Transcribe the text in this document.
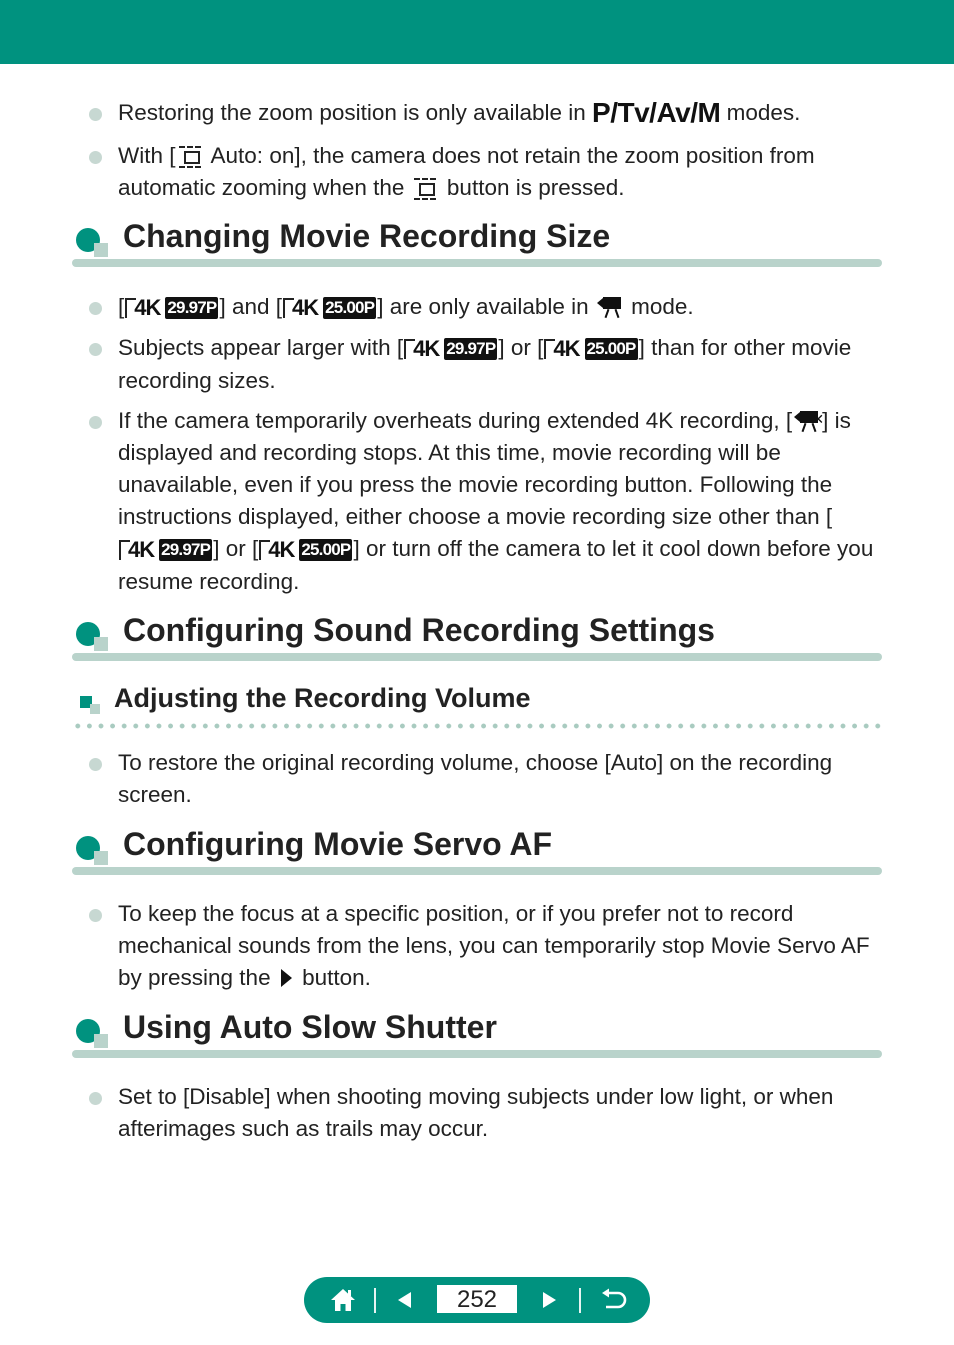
Restoring the zoom position is only available in P/Tv/Av/M modes.
With [ Auto: on], the camera does not retain the zoom position from automatic zooming when the  button is pressed.
Changing Movie Recording Size
[ 4K 29.97P ] and [ 4K 25.00P ] are only available in
mode.
Subjects appear larger with [ 4K 29.97P ] or [ 4K 25.00P ] than for other movie recording sizes.
If the camera temporarily overheats during extended 4K recording, [ ✕
] is displayed and recording stops. At this time, movie recording will be unavailable, even if you press the movie recording button. Following the instructions displayed, either choose a movie recording size other than [
4K 29.97P ] or [ 4K 25.00P ] or turn off the camera to let it cool down before you resume recording.
Configuring Sound Recording Settings
Adjusting the Recording Volume
To restore the original recording volume, choose [Auto] on the recording screen.
Configuring Movie Servo AF
To keep the focus at a specific position, or if you prefer not to record mechanical sounds from the lens, you can temporarily stop Movie Servo AF by pressing the  button.
Using Auto Slow Shutter
Set to [Disable] when shooting moving subjects under low light, or when afterimages such as trails may occur.
252
